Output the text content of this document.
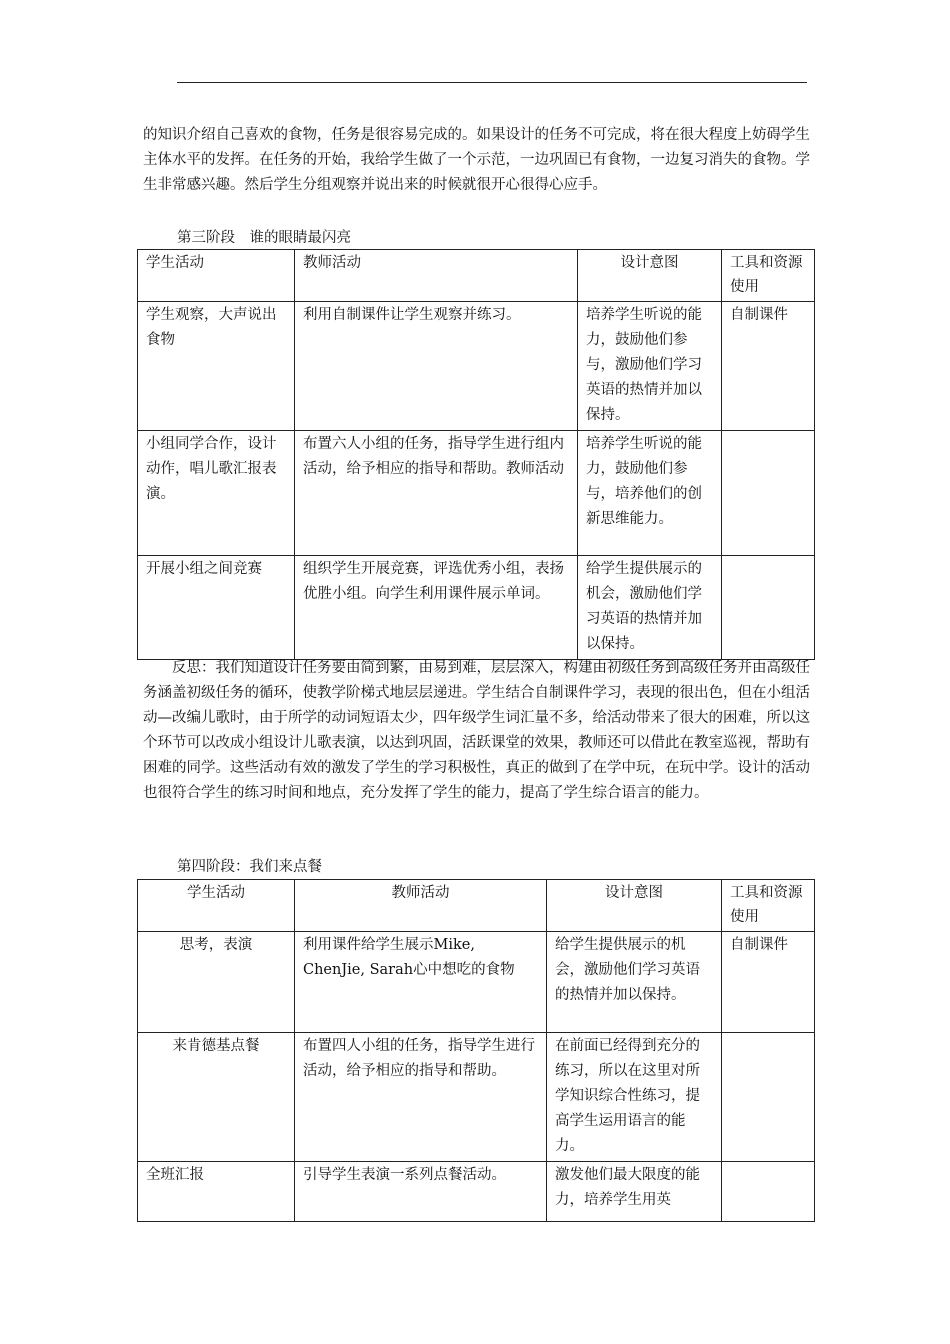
的知识介绍自己喜欢的食物，任务是很容易完成的。如果设计的任务不可完成，将在很大程度上妨碍学生主体水平的发挥。在任务的开始，我给学生做了一个示范，一边巩固已有食物，一边复习消失的食物。学生非常感兴趣。然后学生分组观察并说出来的时候就很开心很得心应手。

第三阶段　谁的眼睛最闪亮

学生活动	教师活动	设计意图	工具和资源使用
学生观察，大声说出食物	利用自制课件让学生观察并练习。	培养学生听说的能力，鼓励他们参与，激励他们学习英语的热情并加以保持。	自制课件
小组同学合作，设计动作，唱儿歌汇报表演。	布置六人小组的任务，指导学生进行组内活动，给予相应的指导和帮助。教师活动	培养学生听说的能力，鼓励他们参与，培养他们的创新思维能力。	
开展小组之间竞赛	组织学生开展竞赛，评选优秀小组，表扬优胜小组。向学生利用课件展示单词。	给学生提供展示的机会，激励他们学习英语的热情并加以保持。	

反思：我们知道设计任务要由简到繁，由易到难，层层深入，构建由初级任务到高级任务并由高级任务涵盖初级任务的循环，使教学阶梯式地层层递进。学生结合自制课件学习，表现的很出色，但在小组活动—改编儿歌时，由于所学的动词短语太少，四年级学生词汇量不多，给活动带来了很大的困难，所以这个环节可以改成小组设计儿歌表演，以达到巩固，活跃课堂的效果，教师还可以借此在教室巡视，帮助有困难的同学。这些活动有效的激发了学生的学习积极性，真正的做到了在学中玩，在玩中学。设计的活动也很符合学生的练习时间和地点，充分发挥了学生的能力，提高了学生综合语言的能力。

第四阶段：我们来点餐

学生活动	教师活动	设计意图	工具和资源使用
思考，表演	利用课件给学生展示Mike, ChenJie, Sarah心中想吃的食物	给学生提供展示的机会，激励他们学习英语的热情并加以保持。	自制课件
来肯德基点餐	布置四人小组的任务，指导学生进行活动，给予相应的指导和帮助。	在前面已经得到充分的练习，所以在这里对所学知识综合性练习，提高学生运用语言的能力。	
全班汇报	引导学生表演一系列点餐活动。	激发他们最大限度的能力，培养学生用英	
